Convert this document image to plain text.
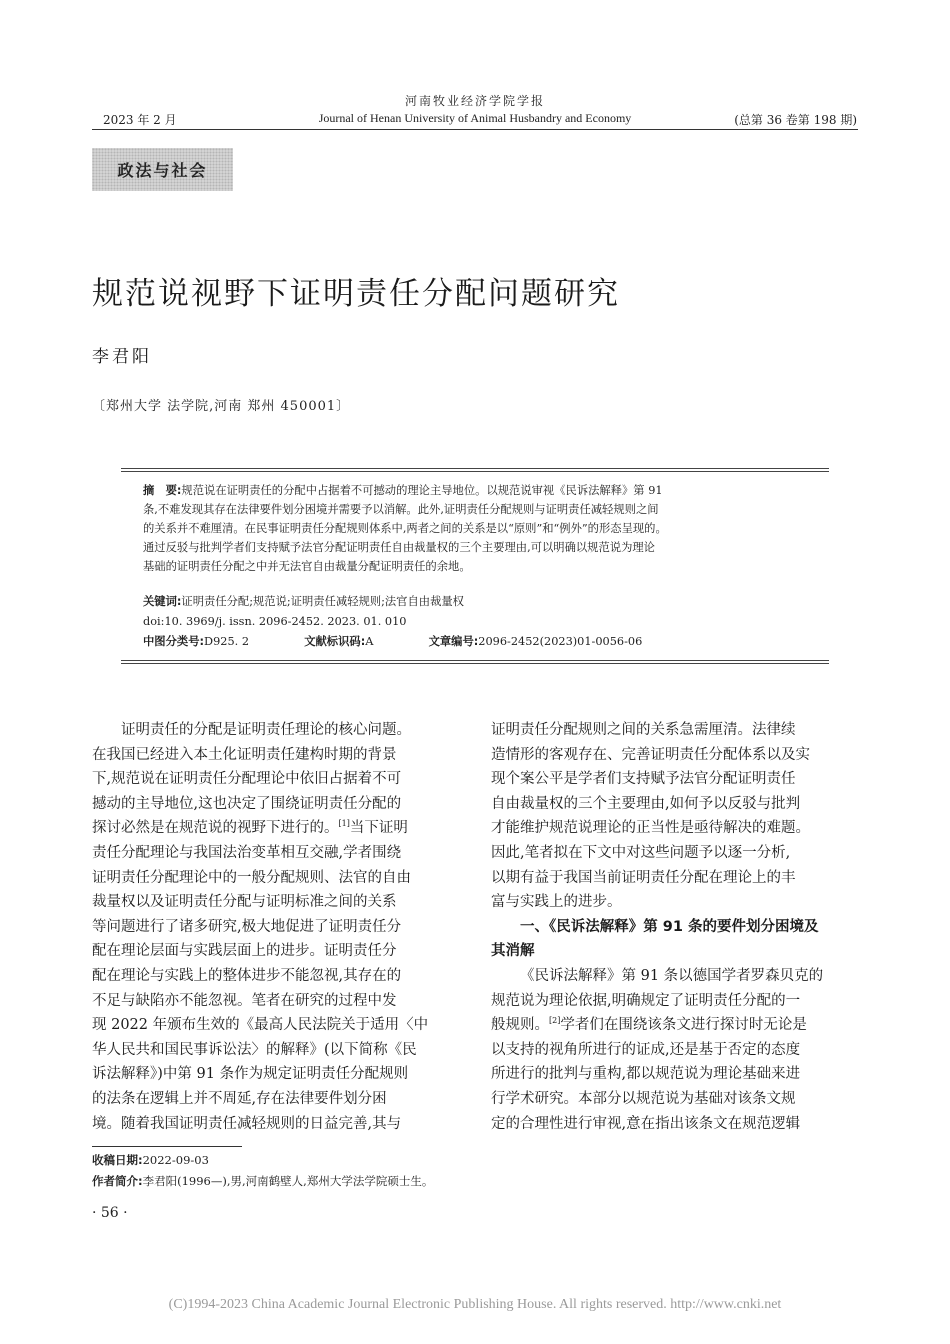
河南牧业经济学院学报
2023 年 2 月	Journal of Henan University of Animal Husbandry and Economy	(总第 36 卷第 198 期)
政法与社会
规范说视野下证明责任分配问题研究
李君阳
〔郑州大学 法学院,河南 郑州 450001〕
摘　要:规范说在证明责任的分配中占据着不可撼动的理论主导地位。以规范说审视《民诉法解释》第 91
条,不难发现其存在法律要件划分困境并需要予以消解。此外,证明责任分配规则与证明责任减轻规则之间
的关系并不难厘清。在民事证明责任分配规则体系中,两者之间的关系是以“原则”和“例外”的形态呈现的。
通过反驳与批判学者们支持赋予法官分配证明责任自由裁量权的三个主要理由,可以明确以规范说为理论
基础的证明责任分配之中并无法官自由裁量分配证明责任的余地。
关键词:证明责任分配;规范说;证明责任减轻规则;法官自由裁量权
doi:10. 3969/j. issn. 2096-2452. 2023. 01. 010
中图分类号:D925. 2	文献标识码:A	文章编号:2096-2452(2023)01-0056-06
证明责任的分配是证明责任理论的核心问题。
在我国已经进入本土化证明责任建构时期的背景
下,规范说在证明责任分配理论中依旧占据着不可
撼动的主导地位,这也决定了围绕证明责任分配的
探讨必然是在规范说的视野下进行的。[1]当下证明
责任分配理论与我国法治变革相互交融,学者围绕
证明责任分配理论中的一般分配规则、法官的自由
裁量权以及证明责任分配与证明标准之间的关系
等问题进行了诸多研究,极大地促进了证明责任分
配在理论层面与实践层面上的进步。证明责任分
配在理论与实践上的整体进步不能忽视,其存在的
不足与缺陷亦不能忽视。笔者在研究的过程中发
现 2022 年颁布生效的《最高人民法院关于适用〈中
华人民共和国民事诉讼法〉的解释》(以下简称《民
诉法解释》)中第 91 条作为规定证明责任分配规则
的法条在逻辑上并不周延,存在法律要件划分困
境。随着我国证明责任减轻规则的日益完善,其与
证明责任分配规则之间的关系急需厘清。法律续
造情形的客观存在、完善证明责任分配体系以及实
现个案公平是学者们支持赋予法官分配证明责任
自由裁量权的三个主要理由,如何予以反驳与批判
才能维护规范说理论的正当性是亟待解决的难题。
因此,笔者拟在下文中对这些问题予以逐一分析,
以期有益于我国当前证明责任分配在理论上的丰
富与实践上的进步。
一、《民诉法解释》第 91 条的要件划分困境及
其消解
《民诉法解释》第 91 条以德国学者罗森贝克的
规范说为理论依据,明确规定了证明责任分配的一
般规则。[2]学者们在围绕该条文进行探讨时无论是
以支持的视角所进行的证成,还是基于否定的态度
所进行的批判与重构,都以规范说为理论基础来进
行学术研究。本部分以规范说为基础对该条文规
定的合理性进行审视,意在指出该条文在规范逻辑
收稿日期:2022-09-03
作者简介:李君阳(1996—),男,河南鹤壁人,郑州大学法学院硕士生。
· 56 ·
(C)1994-2023 China Academic Journal Electronic Publishing House. All rights reserved. http://www.cnki.net
